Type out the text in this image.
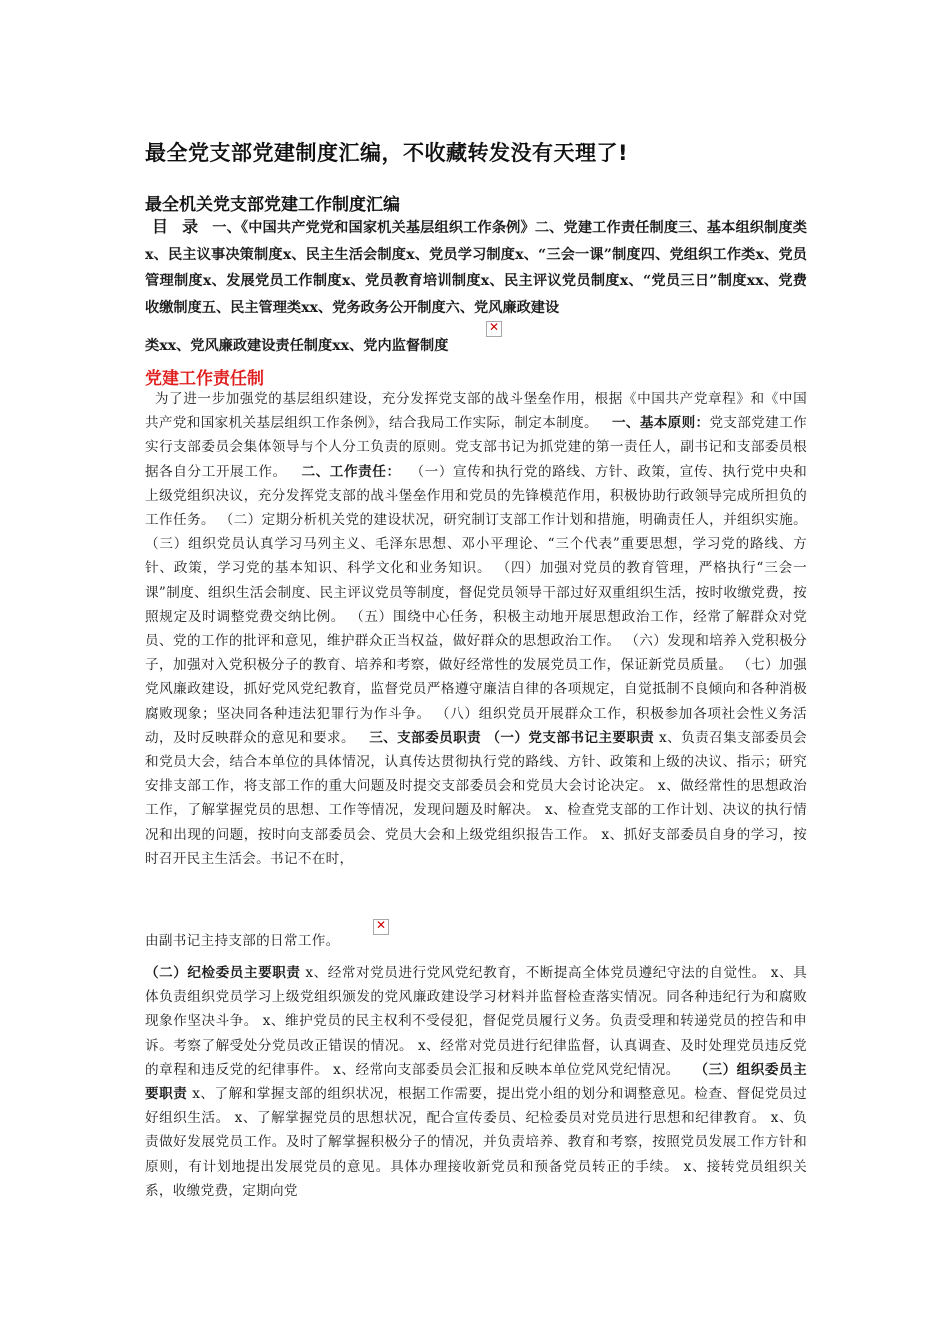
最全党支部党建制度汇编，不收藏转发没有天理了!
最全机关党支部党建工作制度汇编
目录一、《中国共产党党和国家机关基层组织工作条例》二、党建工作责任制度三、基本组织制度类x、民主议事决策制度x、民主生活会制度x、党员学习制度x、“三会一课”制度四、党组织工作类x、党员管理制度x、发展党员工作制度x、党员教育培训制度x、民主评议党员制度x、“党员三日”制度xx、党费收缴制度五、民主管理类xx、党务政务公开制度六、党风廉政建设
类xx、党风廉政建设责任制度xx、党内监督制度
✕
党建工作责任制
为了进一步加强党的基层组织建设，充分发挥党支部的战斗堡垒作用，根据《中国共产党章程》和《中国共产党和国家机关基层组织工作条例》，结合我局工作实际，制定本制度。 一、基本原则：党支部党建工作实行支部委员会集体领导与个人分工负责的原则。党支部书记为抓党建的第一责任人，副书记和支部委员根据各自分工开展工作。 二、工作责任： （一）宣传和执行党的路线、方针、政策，宣传、执行党中央和上级党组织决议，充分发挥党支部的战斗堡垒作用和党员的先锋模范作用，积极协助行政领导完成所担负的工作任务。 （二）定期分析机关党的建设状况，研究制订支部工作计划和措施，明确责任人，并组织实施。 （三）组织党员认真学习马列主义、毛泽东思想、邓小平理论、“三个代表”重要思想，学习党的路线、方针、政策，学习党的基本知识、科学文化和业务知识。 （四）加强对党员的教育管理，严格执行“三会一课”制度、组织生活会制度、民主评议党员等制度，督促党员领导干部过好双重组织生活，按时收缴党费，按照规定及时调整党费交纳比例。 （五）围绕中心任务，积极主动地开展思想政治工作，经常了解群众对党员、党的工作的批评和意见，维护群众正当权益，做好群众的思想政治工作。 （六）发现和培养入党积极分子，加强对入党积极分子的教育、培养和考察，做好经常性的发展党员工作，保证新党员质量。 （七）加强党风廉政建设，抓好党风党纪教育，监督党员严格遵守廉洁自律的各项规定，自觉抵制不良倾向和各种消极腐败现象；坚决同各种违法犯罪行为作斗争。 （八）组织党员开展群众工作，积极参加各项社会性义务活动，及时反映群众的意见和要求。 三、支部委员职责 （一）党支部书记主要职责 x、负责召集支部委员会和党员大会，结合本单位的具体情况，认真传达贯彻执行党的路线、方针、政策和上级的决议、指示；研究安排支部工作，将支部工作的重大问题及时提交支部委员会和党员大会讨论决定。 x、做经常性的思想政治工作，了解掌握党员的思想、工作等情况，发现问题及时解决。 x、检查党支部的工作计划、决议的执行情况和出现的问题，按时向支部委员会、党员大会和上级党组织报告工作。 x、抓好支部委员自身的学习，按时召开民主生活会。书记不在时，
由副书记主持支部的日常工作。
✕
（二）纪检委员主要职责 x、经常对党员进行党风党纪教育，不断提高全体党员遵纪守法的自觉性。 x、具体负责组织党员学习上级党组织颁发的党风廉政建设学习材料并监督检查落实情况。同各种违纪行为和腐败现象作坚决斗争。 x、维护党员的民主权利不受侵犯，督促党员履行义务。负责受理和转递党员的控告和申诉。考察了解受处分党员改正错误的情况。 x、经常对党员进行纪律监督，认真调查、及时处理党员违反党的章程和违反党的纪律事件。 x、经常向支部委员会汇报和反映本单位党风党纪情况。 （三）组织委员主要职责 x、了解和掌握支部的组织状况，根据工作需要，提出党小组的划分和调整意见。检查、督促党员过好组织生活。 x、了解掌握党员的思想状况，配合宣传委员、纪检委员对党员进行思想和纪律教育。 x、负责做好发展党员工作。及时了解掌握积极分子的情况，并负责培养、教育和考察，按照党员发展工作方针和原则，有计划地提出发展党员的意见。具体办理接收新党员和预备党员转正的手续。 x、接转党员组织关系，收缴党费，定期向党
